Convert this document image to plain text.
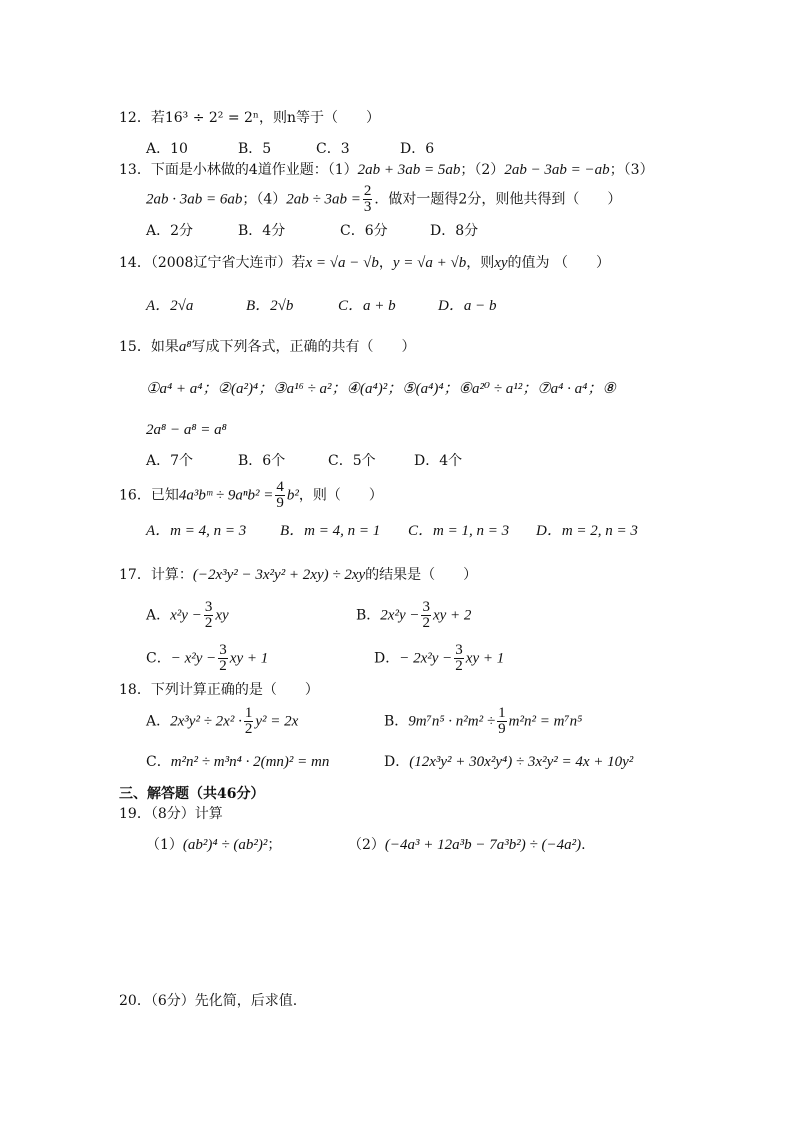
12．若16³ ÷ 2² = 2ⁿ，则n等于（　　）
A．10	B．5	C．3	D．6
13．下面是小林做的4道作业题：（1）2ab + 3ab = 5ab；（2）2ab − 3ab = −ab；（3）
2ab · 3ab = 6ab；$(4)2ab \div 3ab = \frac{2}{3}$ ．做对一题得2分，则他共得到（　　）
A．2分	B．4分	C．6分	D．8分
14．（2008辽宁省大连市）若x = √a − √b，y = √a + √b，则xy的值为 （　　）
A．2√a	B．2√b	C．a + b	D．a − b
15．如果a⁸写成下列各式，正确的共有（　　）
①a⁴ + a⁴；②(a²)⁴；③a¹⁶ ÷ a²；④(a⁴)²；⑤(a⁴)⁴；⑥a²⁰ ÷ a¹²；⑦a⁴ · a⁴；⑧
2a⁸ − a⁸ = a⁸
A．7个	B．6个	C．5个	D．4个
16．已知4a³bᵐ ÷ $9a^nb^2 = \frac{4}{9} b^2$，则（　　）
A．m = 4, n = 3 B．m = 4, n = 1 C．m = 1, n = 3 D．m = 2, n = 3
17．计算：(−2x³y² − 3x²y² + 2xy) ÷ 2xy的结果是（　　）
A．$x^2y - \frac{3}{2}$ xy	B．$2x^2y - \frac{3}{2}$ xy + 2
C．− $x^2y - \frac{3}{2}$ xy + 1	D．− $2x^2y - \frac{3}{2}$ xy + 1
18．下列计算正确的是（　　）
A．$2x^3y^2 \div 2x^2 \cdot \frac{1}{2} y^2 = 2x$	B．$9m^7n^5 \cdot n^2m^2 \div \frac{1}{9} m^2n^2 = m^7n^5$
C．m²n² ÷ m³n⁴ · 2(mn)² = mn	D．(12x³y² + 30x²y⁴) ÷ 3x²y² = 4x + 10y²
三、解答题（共46分）
19．（8分）计算
（1）(ab²)⁴ ÷ (ab²)²；	（2）(−4a³ + 12a³b − 7a³b²) ÷ (−4a²).
20．（6分）先化简，后求值.
